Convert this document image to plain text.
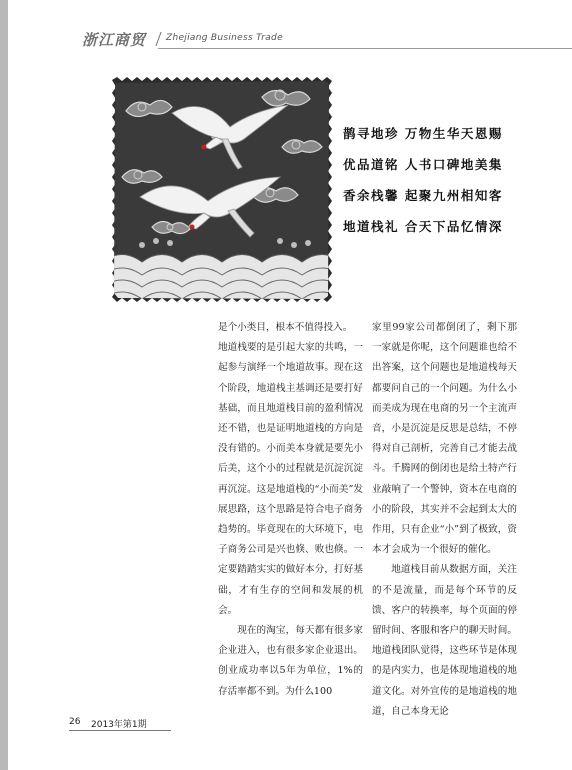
浙江商贸	Zhejiang Business Trade
鹊寻地珍 万物生华天恩赐
优品道铭 人书口碑地美集
香余栈馨 起聚九州相知客
地道栈礼 合天下品忆情深

是个小类目，根本不值得投入。

地道栈要的是引起大家的共鸣，一起参与演绎一个地道故事。现在这个阶段，地道栈主基调还是要打好基础，而且地道栈目前的盈利情况还不错，也是证明地道栈的方向是没有错的。小而美本身就是要先小后美，这个小的过程就是沉淀沉淀再沉淀。这是地道栈的“小而美”发展思路，这个思路是符合电子商务趋势的。毕竟现在的大环境下，电子商务公司是兴也倏、败也倏。一定要踏踏实实的做好本分，打好基础，才有生存的空间和发展的机会。

现在的淘宝，每天都有很多家企业进入，也有很多家企业退出。创业成功率以5年为单位，1%的存活率都不到。为什么100

家里99家公司都倒闭了，剩下那一家就是你呢，这个问题谁也给不出答案，这个问题也是地道栈每天都要问自己的一个问题。为什么小而美成为现在电商的另一个主流声音，小是沉淀是反思是总结，不停得对自己剖析，完善自己才能去战斗。千腾网的倒闭也是给土特产行业敲响了一个警钟，资本在电商的小的阶段，其实并不会起到太大的作用，只有企业“小”到了极致，资本才会成为一个很好的催化。

地道栈目前从数据方面，关注的不是流量，而是每个环节的反馈、客户的转换率，每个页面的停留时间、客服和客户的聊天时间。地道栈团队觉得，这些环节是体现的是内实力，也是体现地道栈的地道文化。对外宣传的是地道栈的地道，自己本身无论

26 2013年第1期
